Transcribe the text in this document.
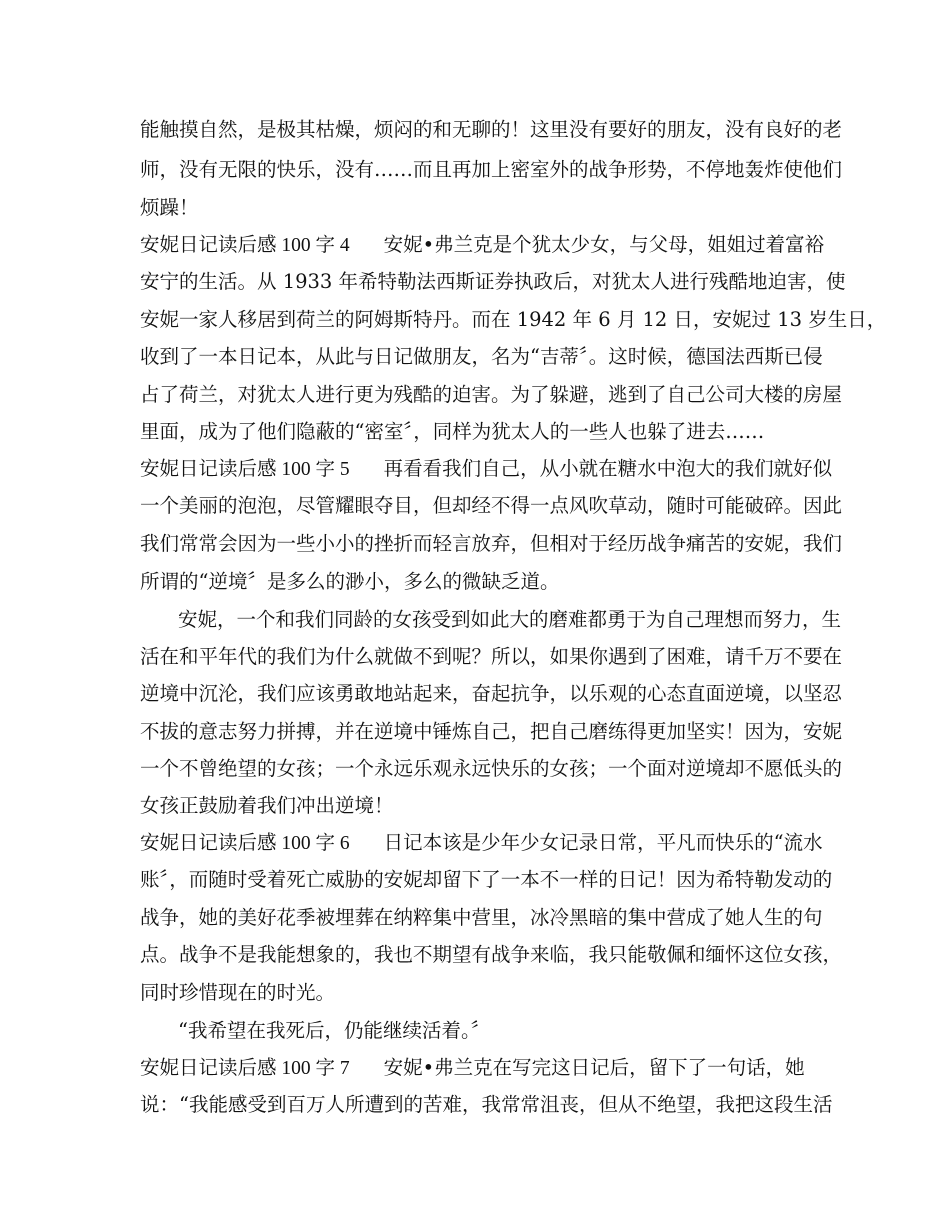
能触摸自然，是极其枯燥，烦闷的和无聊的！这里没有要好的朋友，没有良好的老
师，没有无限的快乐，没有……而且再加上密室外的战争形势，不停地轰炸使他们
烦躁！
安妮日记读后感 100 字 4 安妮•弗兰克是个犹太少女，与父母，姐姐过着富裕
安宁的生活。从 1933 年希特勒法西斯证券执政后，对犹太人进行残酷地迫害，使
安妮一家人移居到荷兰的阿姆斯特丹。而在 1942 年 6 月 12 日，安妮过 13 岁生日，
收到了一本日记本，从此与日记做朋友，名为“吉蒂〞。这时候，德国法西斯已侵
占了荷兰，对犹太人进行更为残酷的迫害。为了躲避，逃到了自己公司大楼的房屋
里面，成为了他们隐蔽的“密室〞，同样为犹太人的一些人也躲了进去……
安妮日记读后感 100 字 5 再看看我们自己，从小就在糖水中泡大的我们就好似
一个美丽的泡泡，尽管耀眼夺目，但却经不得一点风吹草动，随时可能破碎。因此
我们常常会因为一些小小的挫折而轻言放弃，但相对于经历战争痛苦的安妮，我们
所谓的“逆境〞是多么的渺小，多么的微缺乏道。
安妮，一个和我们同龄的女孩受到如此大的磨难都勇于为自己理想而努力，生
活在和平年代的我们为什么就做不到呢？所以，如果你遇到了困难，请千万不要在
逆境中沉沦，我们应该勇敢地站起来，奋起抗争，以乐观的心态直面逆境，以坚忍
不拔的意志努力拼搏，并在逆境中锤炼自己，把自己磨练得更加坚实！因为，安妮
一个不曾绝望的女孩；一个永远乐观永远快乐的女孩；一个面对逆境却不愿低头的
女孩正鼓励着我们冲出逆境！
安妮日记读后感 100 字 6 日记本该是少年少女记录日常，平凡而快乐的“流水
账〞，而随时受着死亡威胁的安妮却留下了一本不一样的日记！因为希特勒发动的
战争，她的美好花季被埋葬在纳粹集中营里，冰冷黑暗的集中营成了她人生的句
点。战争不是我能想象的，我也不期望有战争来临，我只能敬佩和缅怀这位女孩，
同时珍惜现在的时光。
“我希望在我死后，仍能继续活着。〞
安妮日记读后感 100 字 7 安妮•弗兰克在写完这日记后，留下了一句话，她
说：“我能感受到百万人所遭到的苦难，我常常沮丧，但从不绝望，我把这段生活
